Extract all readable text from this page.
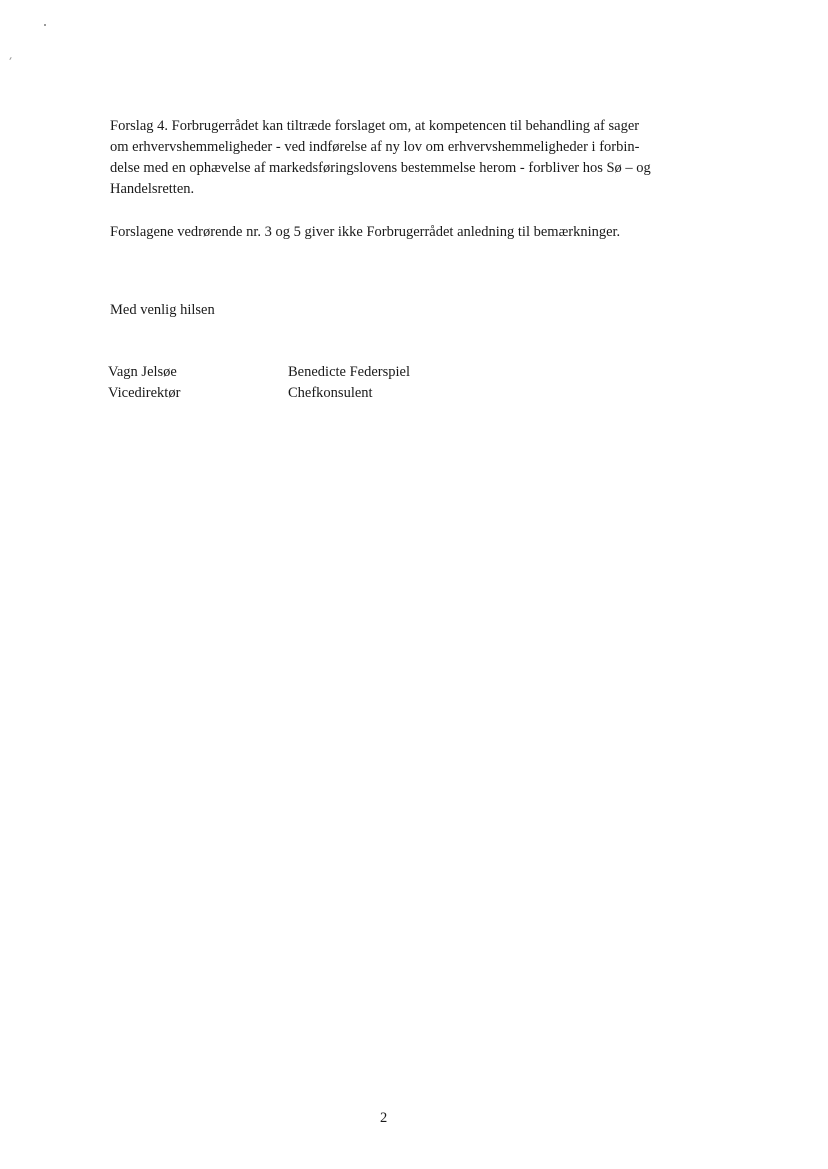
Forslag 4. Forbrugerrådet kan tiltræde forslaget om, at kompetencen til behandling af sager
om erhvervshemmeligheder - ved indførelse af ny lov om erhvervshemmeligheder i forbin-
delse med en ophævelse af markedsføringslovens bestemmelse herom - forbliver hos Sø – og
Handelsretten.
Forslagene vedrørende nr. 3 og 5 giver ikke Forbrugerrådet anledning til bemærkninger.
Med venlig hilsen
Vagn Jelsøe
Vicedirektør
Benedicte Federspiel
Chefkonsulent
2
